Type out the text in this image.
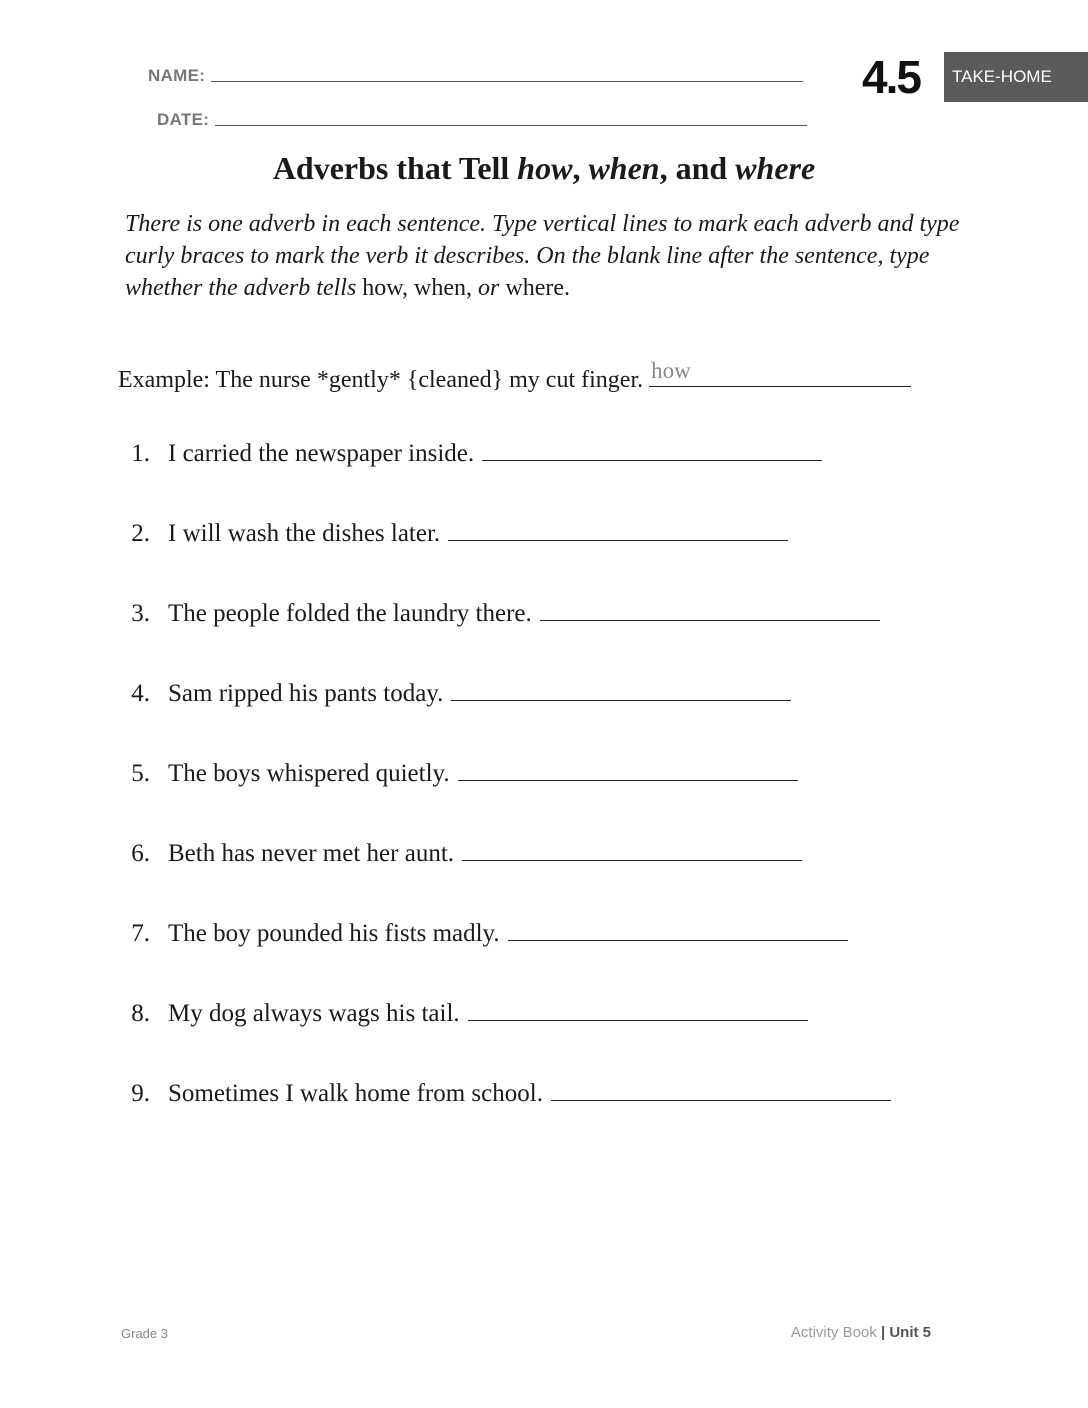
NAME:
DATE:
4.5	TAKE-HOME
Adverbs that Tell how, when, and where
There is one adverb in each sentence. Type vertical lines to mark each adverb and type curly braces to mark the verb it describes. On the blank line after the sentence, type whether the adverb tells how, when, or where.
Example: The nurse *gently* {cleaned} my cut finger. how
1. I carried the newspaper inside.
2. I will wash the dishes later.
3. The people folded the laundry there.
4. Sam ripped his pants today.
5. The boys whispered quietly.
6. Beth has never met her aunt.
7. The boy pounded his fists madly.
8. My dog always wags his tail.
9. Sometimes I walk home from school.
Grade 3	Activity Book | Unit 5
